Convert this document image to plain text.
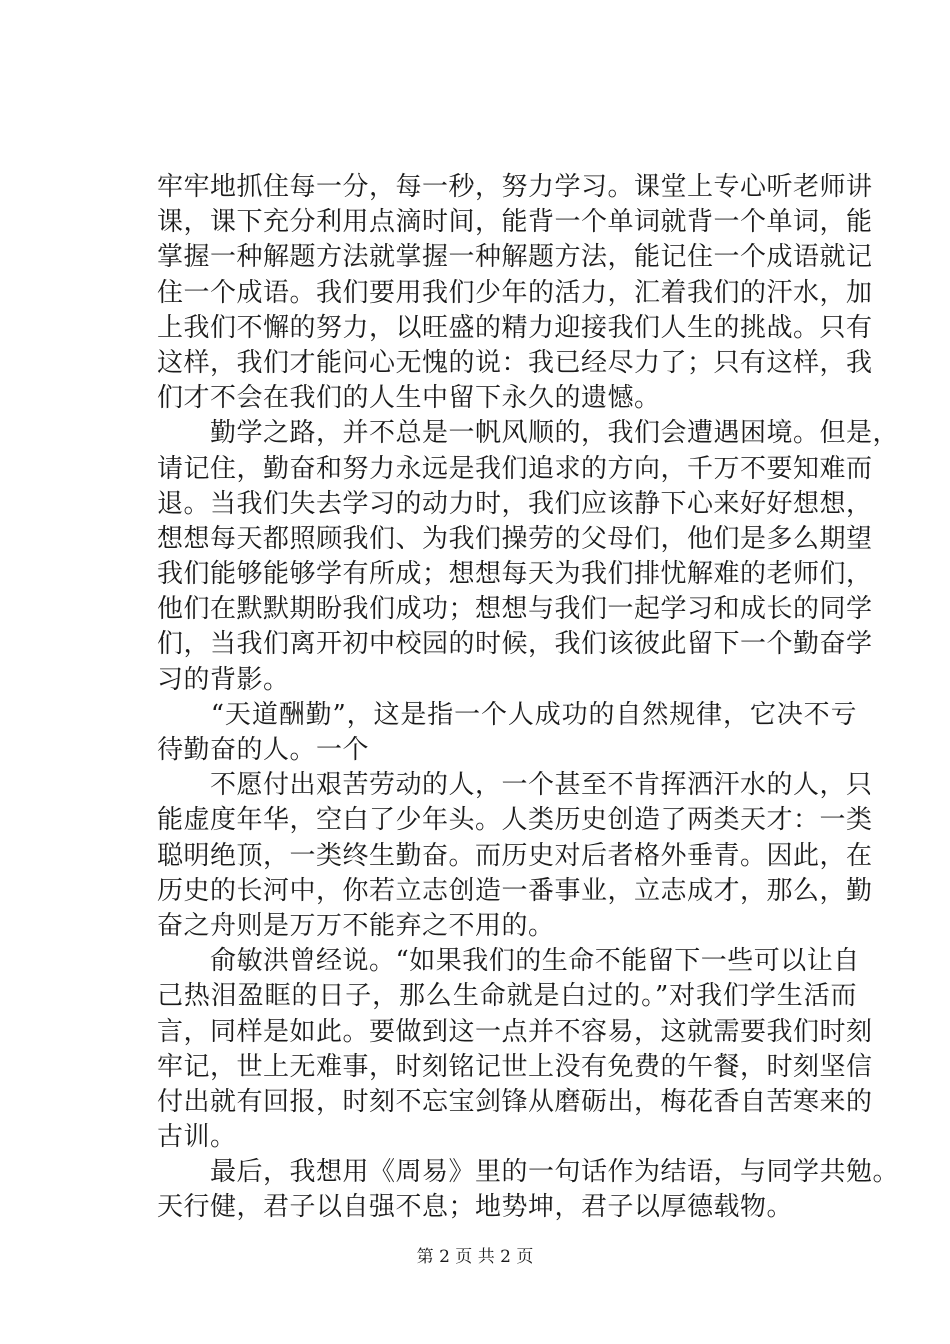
牢牢地抓住每一分，每一秒，努力学习。课堂上专心听老师讲
课，课下充分利用点滴时间，能背一个单词就背一个单词，能
掌握一种解题方法就掌握一种解题方法，能记住一个成语就记
住一个成语。我们要用我们少年的活力，汇着我们的汗水，加
上我们不懈的努力，以旺盛的精力迎接我们人生的挑战。只有
这样，我们才能问心无愧的说：我已经尽力了；只有这样，我
们才不会在我们的人生中留下永久的遗憾。
　　勤学之路，并不总是一帆风顺的，我们会遭遇困境。但是，
请记住，勤奋和努力永远是我们追求的方向，千万不要知难而
退。当我们失去学习的动力时，我们应该静下心来好好想想，
想想每天都照顾我们、为我们操劳的父母们，他们是多么期望
我们能够能够学有所成；想想每天为我们排忧解难的老师们，
他们在默默期盼我们成功；想想与我们一起学习和成长的同学
们，当我们离开初中校园的时候，我们该彼此留下一个勤奋学
习的背影。
　　“天道酬勤”，这是指一个人成功的自然规律，它决不亏
待勤奋的人。一个
　　不愿付出艰苦劳动的人，一个甚至不肯挥洒汗水的人，只
能虚度年华，空白了少年头。人类历史创造了两类天才：一类
聪明绝顶，一类终生勤奋。而历史对后者格外垂青。因此，在
历史的长河中，你若立志创造一番事业，立志成才，那么，勤
奋之舟则是万万不能弃之不用的。
　　俞敏洪曾经说。“如果我们的生命不能留下一些可以让自
己热泪盈眶的日子，那么生命就是白过的。”对我们学生活而
言，同样是如此。要做到这一点并不容易，这就需要我们时刻
牢记，世上无难事，时刻铭记世上没有免费的午餐，时刻坚信
付出就有回报，时刻不忘宝剑锋从磨砺出，梅花香自苦寒来的
古训。
　　最后，我想用《周易》里的一句话作为结语，与同学共勉。
天行健，君子以自强不息；地势坤，君子以厚德载物。
第 2 页 共 2 页
